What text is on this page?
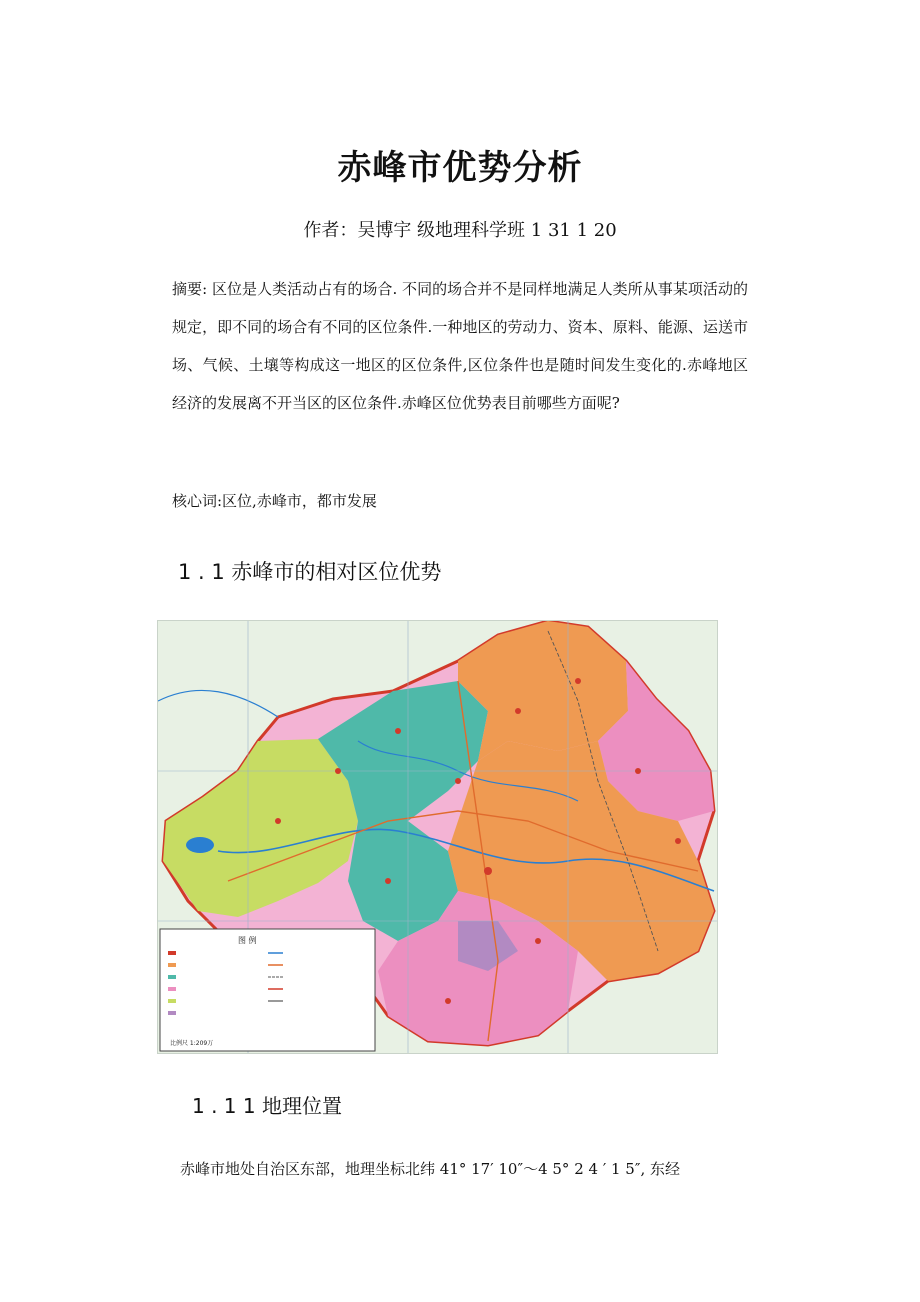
赤峰市优势分析
作者：吴博宇 级地理科学班 1 31 1 20

摘要: 区位是人类活动占有的场合. 不同的场合并不是同样地满足人类所从事某项活动的规定，即不同的场合有不同的区位条件.一种地区的劳动力、资本、原料、能源、运送市场、气候、土壤等构成这一地区的区位条件,区位条件也是随时间发生变化的.赤峰地区经济的发展离不开当区的区位条件.赤峰区位优势表目前哪些方面呢?

核心词:区位,赤峰市，都市发展

1 . 1 赤峰市的相对区位优势
图 例
比例尺 1:209万
1 . 1 1 地理位置

赤峰市地处自治区东部，地理坐标北纬 41° 17′ 10″～4 5° 2 4 ′ 1 5″, 东经
